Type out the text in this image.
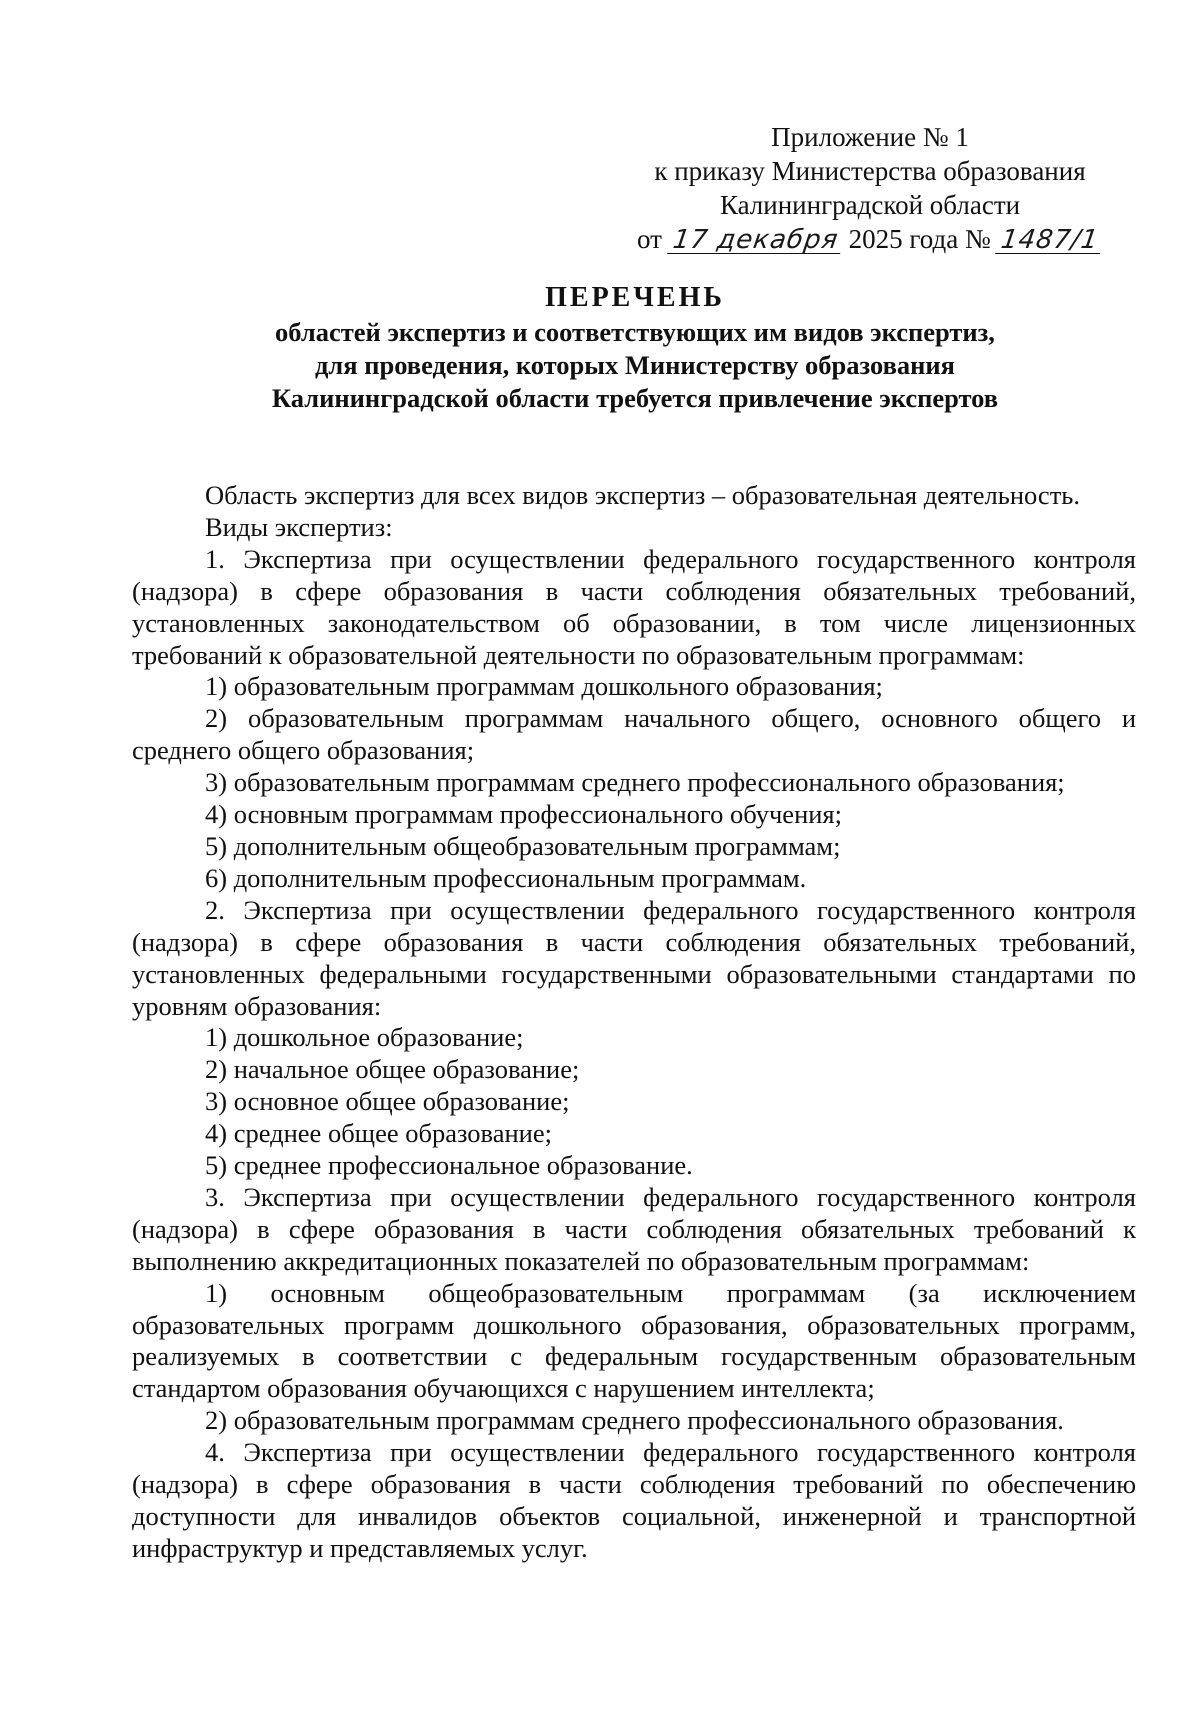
Приложение № 1
к приказу Министерства образования
Калининградской области
от 17 декабря 2025 года № 1487/1
ПЕРЕЧЕНЬ
областей экспертиз и соответствующих им видов экспертиз,
для проведения, которых Министерству образования
Калининградской области требуется привлечение экспертов

Область экспертиз для всех видов экспертиз – образовательная деятельность.

Виды экспертиз:

1. Экспертиза при осуществлении федерального государственного контроля (надзора) в сфере образования в части соблюдения обязательных требований, установленных законодательством об образовании, в том числе лицензионных требований к образовательной деятельности по образовательным программам:

1) образовательным программам дошкольного образования;

2) образовательным программам начального общего, основного общего и среднего общего образования;

3) образовательным программам среднего профессионального образования;

4) основным программам профессионального обучения;

5) дополнительным общеобразовательным программам;

6) дополнительным профессиональным программам.

2. Экспертиза при осуществлении федерального государственного контроля (надзора) в сфере образования в части соблюдения обязательных требований, установленных федеральными государственными образовательными стандартами по уровням образования:

1) дошкольное образование;

2) начальное общее образование;

3) основное общее образование;

4) среднее общее образование;

5) среднее профессиональное образование.

3. Экспертиза при осуществлении федерального государственного контроля (надзора) в сфере образования в части соблюдения обязательных требований к выполнению аккредитационных показателей по образовательным программам:

1) основным общеобразовательным программам (за исключением образовательных программ дошкольного образования, образовательных программ, реализуемых в соответствии с федеральным государственным образовательным стандартом образования обучающихся с нарушением интеллекта;

2) образовательным программам среднего профессионального образования.

4. Экспертиза при осуществлении федерального государственного контроля (надзора) в сфере образования в части соблюдения требований по обеспечению доступности для инвалидов объектов социальной, инженерной и транспортной инфраструктур и представляемых услуг.
